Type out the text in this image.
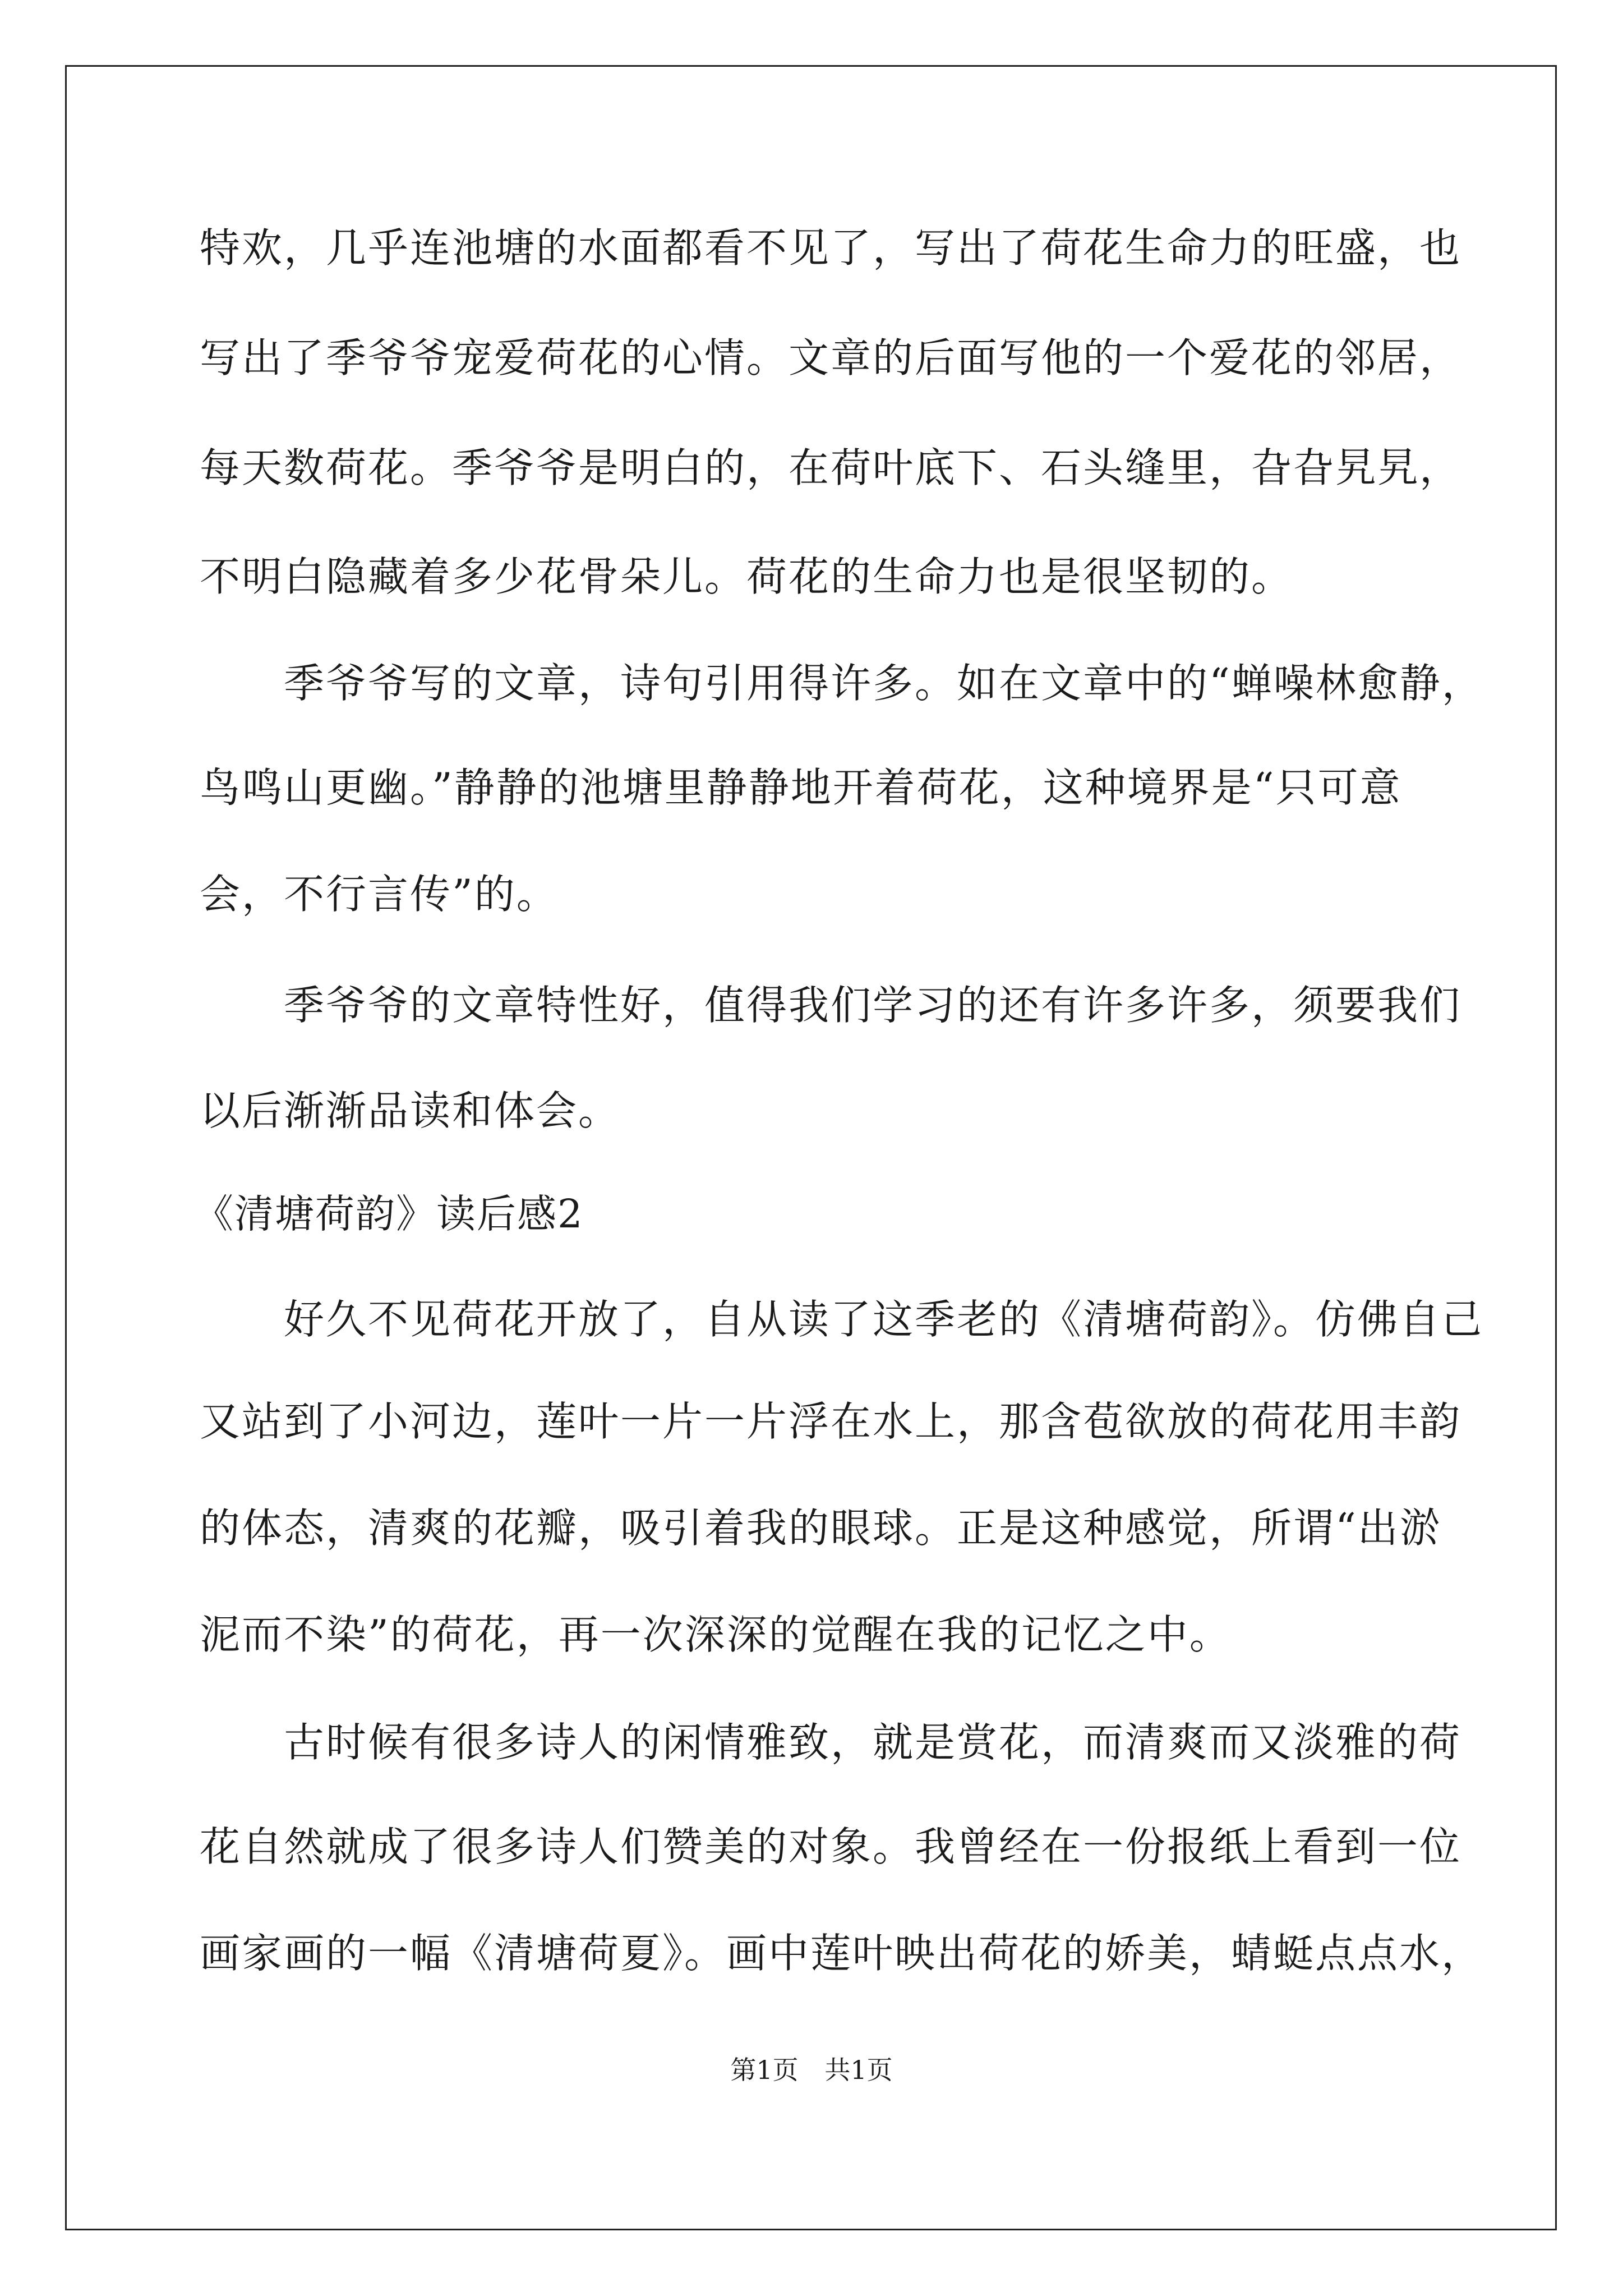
特欢，几乎连池塘的水面都看不见了，写出了荷花生命力的旺盛，也
写出了季爷爷宠爱荷花的心情。文章的后面写他的一个爱花的邻居，
每天数荷花。季爷爷是明白的，在荷叶底下、石头缝里，旮旮旯旯，
不明白隐藏着多少花骨朵儿。荷花的生命力也是很坚韧的。
季爷爷写的文章，诗句引用得许多。如在文章中的“蝉噪林愈静，
鸟鸣山更幽。”静静的池塘里静静地开着荷花，这种境界是“只可意
会，不行言传”的。
季爷爷的文章特性好，值得我们学习的还有许多许多，须要我们
以后渐渐品读和体会。
《清塘荷韵》读后感2
好久不见荷花开放了，自从读了这季老的《清塘荷韵》。仿佛自己
又站到了小河边，莲叶一片一片浮在水上，那含苞欲放的荷花用丰韵
的体态，清爽的花瓣，吸引着我的眼球。正是这种感觉，所谓“出淤
泥而不染”的荷花，再一次深深的觉醒在我的记忆之中。
古时候有很多诗人的闲情雅致，就是赏花，而清爽而又淡雅的荷
花自然就成了很多诗人们赞美的对象。我曾经在一份报纸上看到一位
画家画的一幅《清塘荷夏》。画中莲叶映出荷花的娇美，蜻蜓点点水，
第1页 共1页
